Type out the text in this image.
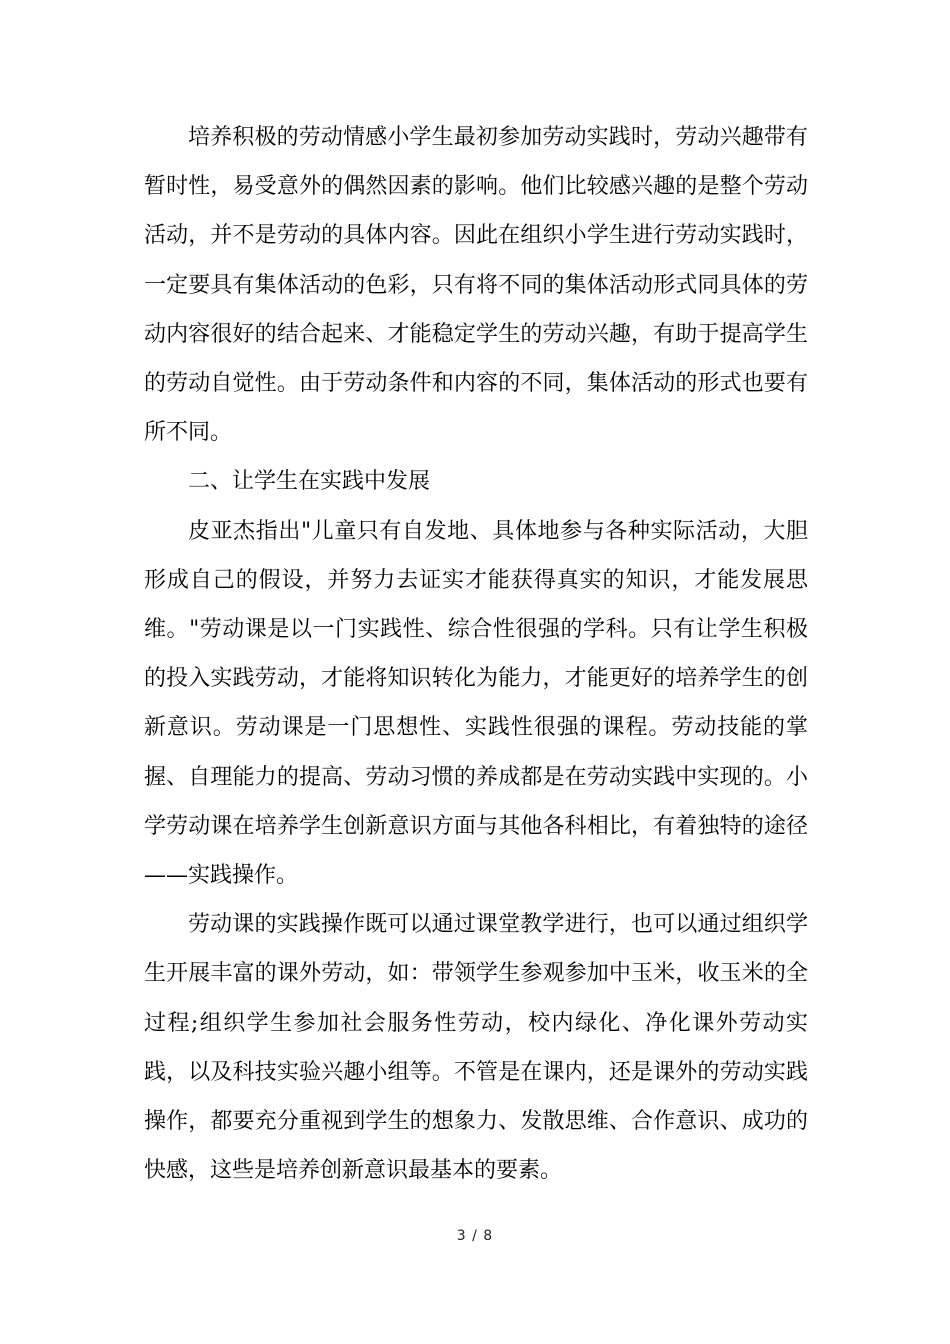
培养积极的劳动情感小学生最初参加劳动实践时，劳动兴趣带有暂时性，易受意外的偶然因素的影响。他们比较感兴趣的是整个劳动活动，并不是劳动的具体内容。因此在组织小学生进行劳动实践时，一定要具有集体活动的色彩，只有将不同的集体活动形式同具体的劳动内容很好的结合起来、才能稳定学生的劳动兴趣，有助于提高学生的劳动自觉性。由于劳动条件和内容的不同，集体活动的形式也要有所不同。

二、让学生在实践中发展

皮亚杰指出"儿童只有自发地、具体地参与各种实际活动，大胆形成自己的假设，并努力去证实才能获得真实的知识，才能发展思维。"劳动课是以一门实践性、综合性很强的学科。只有让学生积极的投入实践劳动，才能将知识转化为能力，才能更好的培养学生的创新意识。劳动课是一门思想性、实践性很强的课程。劳动技能的掌握、自理能力的提高、劳动习惯的养成都是在劳动实践中实现的。小学劳动课在培养学生创新意识方面与其他各科相比，有着独特的途径——实践操作。

劳动课的实践操作既可以通过课堂教学进行，也可以通过组织学生开展丰富的课外劳动，如：带领学生参观参加中玉米，收玉米的全过程;组织学生参加社会服务性劳动，校内绿化、净化课外劳动实践，以及科技实验兴趣小组等。不管是在课内，还是课外的劳动实践操作，都要充分重视到学生的想象力、发散思维、合作意识、成功的快感，这些是培养创新意识最基本的要素。

3 / 8
